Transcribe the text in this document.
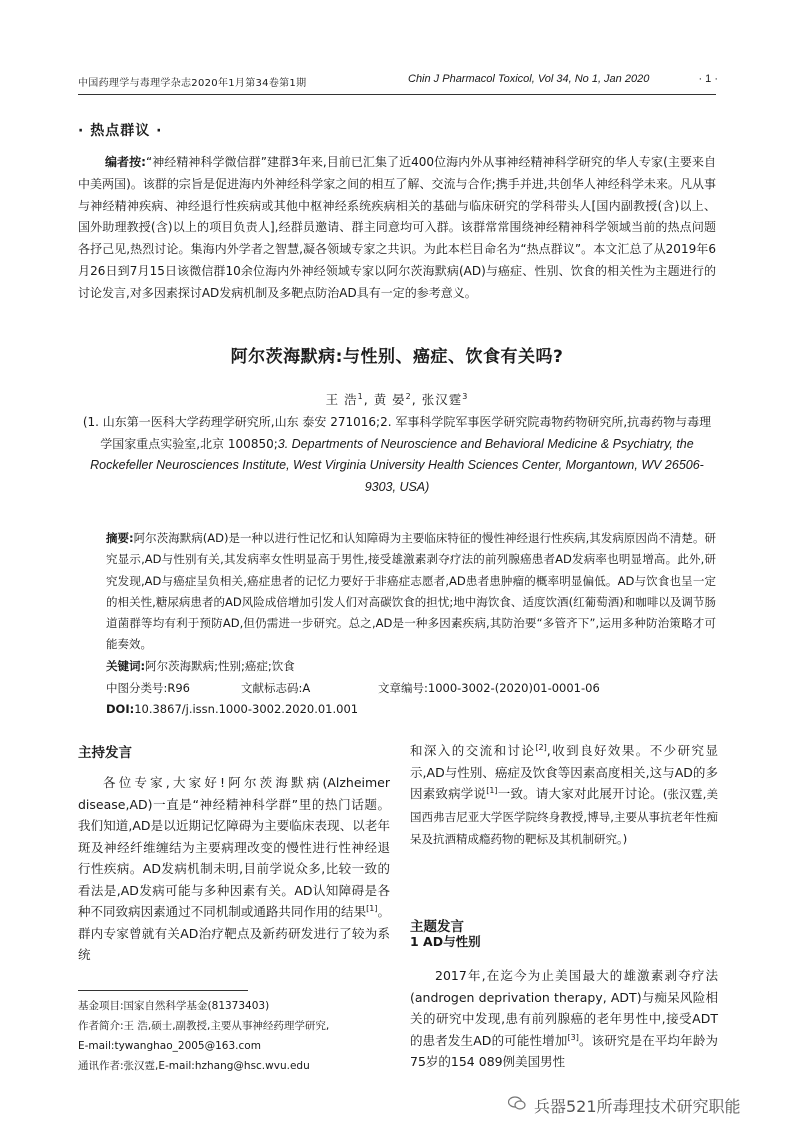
中国药理学与毒理学杂志2020年1月第34卷第1期	Chin J Pharmacol Toxicol, Vol 34, No 1, Jan 2020	· 1 ·
· 热点群议 ·
编者按:“神经精神科学微信群”建群3年来,目前已汇集了近400位海内外从事神经精神科学研究的华人专家(主要来自中美两国)。该群的宗旨是促进海内外神经科学家之间的相互了解、交流与合作;携手并进,共创华人神经科学未来。凡从事与神经精神疾病、神经退行性疾病或其他中枢神经系统疾病相关的基础与临床研究的学科带头人[国内副教授(含)以上、国外助理教授(含)以上的项目负责人],经群员邀请、群主同意均可入群。该群常常围绕神经精神科学领域当前的热点问题各抒己见,热烈讨论。集海内外学者之智慧,凝各领域专家之共识。为此本栏目命名为“热点群议”。本文汇总了从2019年6月26日到7月15日该微信群10余位海内外神经领域专家以阿尔茨海默病(AD)与癌症、性别、饮食的相关性为主题进行的讨论发言,对多因素探讨AD发病机制及多靶点防治AD具有一定的参考意义。
阿尔茨海默病:与性别、癌症、饮食有关吗?
王 浩$^1$, 黄 晏$^2$, 张汉霆$^3$
(1. 山东第一医科大学药理学研究所,山东 泰安 271016;2. 军事科学院军事医学研究院毒物药物研究所,抗毒药物与毒理学国家重点实验室,北京 100850;3. Departments of Neuroscience and Behavioral Medicine & Psychiatry, the Rockefeller Neurosciences Institute, West Virginia University Health Sciences Center, Morgantown, WV 26506-9303, USA)
摘要:阿尔茨海默病(AD)是一种以进行性记忆和认知障碍为主要临床特征的慢性神经退行性疾病,其发病原因尚不清楚。研究显示,AD与性别有关,其发病率女性明显高于男性,接受雄激素剥夺疗法的前列腺癌患者AD发病率也明显增高。此外,研究发现,AD与癌症呈负相关,癌症患者的记忆力要好于非癌症志愿者,AD患者患肿瘤的概率明显偏低。AD与饮食也呈一定的相关性,糖尿病患者的AD风险成倍增加引发人们对高碳饮食的担忧;地中海饮食、适度饮酒(红葡萄酒)和咖啡以及调节肠道菌群等均有利于预防AD,但仍需进一步研究。总之,AD是一种多因素疾病,其防治要“多管齐下”,运用多种防治策略才可能奏效。
关键词:阿尔茨海默病;性别;癌症;饮食
中图分类号:R96	文献标志码:A	文章编号:1000-3002-(2020)01-0001-06
DOI:10.3867/j.issn.1000-3002.2020.01.001
主持发言

各位专家,大家好!阿尔茨海默病(Alzheimer disease,AD)一直是“神经精神科学群”里的热门话题。我们知道,AD是以近期记忆障碍为主要临床表现、以老年斑及神经纤维缠结为主要病理改变的慢性进行性神经退行性疾病。AD发病机制未明,目前学说众多,比较一致的看法是,AD发病可能与多种因素有关。AD认知障碍是各种不同致病因素通过不同机制或通路共同作用的结果[1]。群内专家曾就有关AD治疗靶点及新药研发进行了较为系统

基金项目:国家自然科学基金(81373403)
作者简介:王 浩,硕士,副教授,主要从事神经药理学研究,
E-mail:tywanghao_2005@163.com
通讯作者:张汉霆,E-mail:hzhang@hsc.wvu.edu

和深入的交流和讨论[2],收到良好效果。不少研究显示,AD与性别、癌症及饮食等因素高度相关,这与AD的多因素致病学说[1]一致。请大家对此展开讨论。(张汉霆,美国西弗吉尼亚大学医学院终身教授,博导,主要从事抗老年性痴呆及抗酒精成瘾药物的靶标及其机制研究。)

主题发言
1 AD与性别

2017年,在迄今为止美国最大的雄激素剥夺疗法(androgen deprivation therapy, ADT)与痴呆风险相关的研究中发现,患有前列腺癌的老年男性中,接受ADT的患者发生AD的可能性增加[3]。该研究是在平均年龄为75岁的154 089例美国男性

兵器521所毒理技术研究职能
